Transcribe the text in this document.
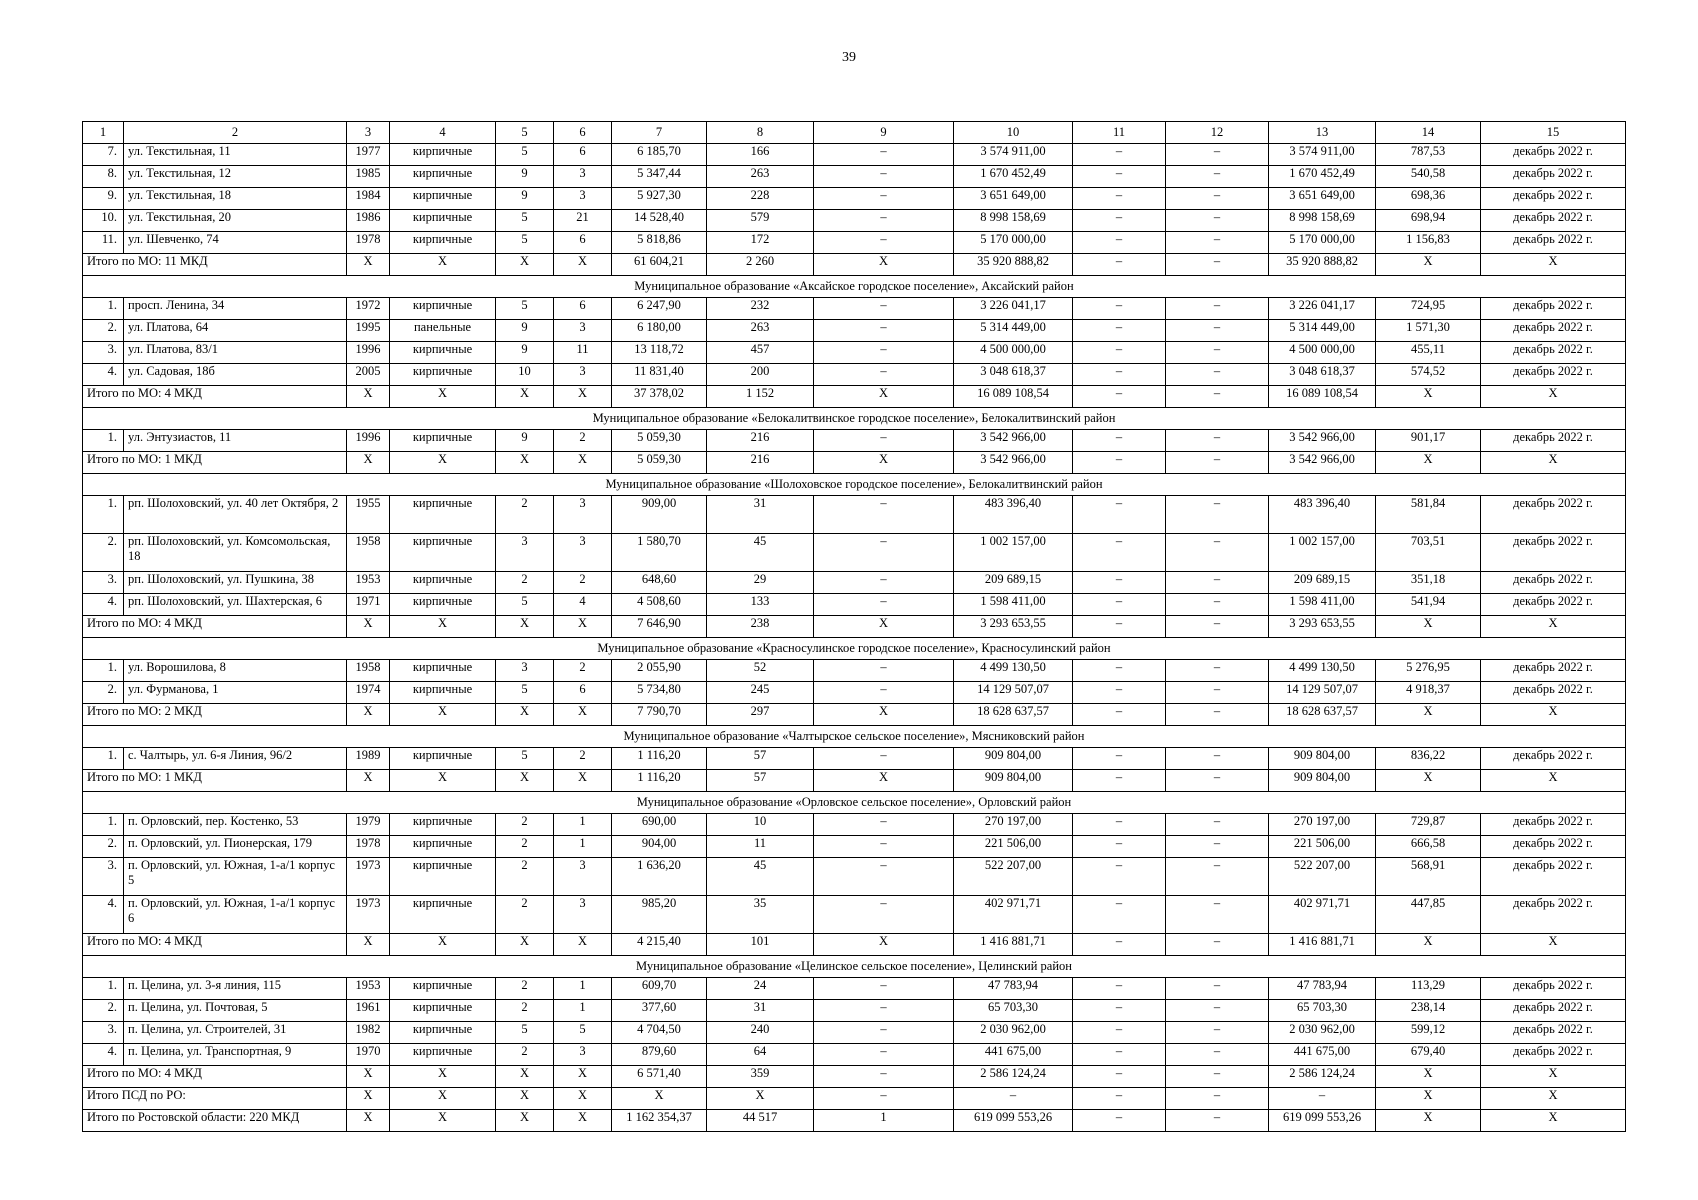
39
1	2	3	4	5	6	7	8	9	10	11	12	13	14	15
7.	ул. Текстильная, 11	1977	кирпичные	5	6	6 185,70	166	–	3 574 911,00	–	–	3 574 911,00	787,53	декабрь 2022 г.
8.	ул. Текстильная, 12	1985	кирпичные	9	3	5 347,44	263	–	1 670 452,49	–	–	1 670 452,49	540,58	декабрь 2022 г.
9.	ул. Текстильная, 18	1984	кирпичные	9	3	5 927,30	228	–	3 651 649,00	–	–	3 651 649,00	698,36	декабрь 2022 г.
10.	ул. Текстильная, 20	1986	кирпичные	5	21	14 528,40	579	–	8 998 158,69	–	–	8 998 158,69	698,94	декабрь 2022 г.
11.	ул. Шевченко, 74	1978	кирпичные	5	6	5 818,86	172	–	5 170 000,00	–	–	5 170 000,00	1 156,83	декабрь 2022 г.
Итого по МО: 11 МКД		X	X	X	X	61 604,21	2 260	X	35 920 888,82	–	–	35 920 888,82	X	X
Муниципальное образование «Аксайское городское поселение», Аксайский район														
1.	просп. Ленина, 34	1972	кирпичные	5	6	6 247,90	232	–	3 226 041,17	–	–	3 226 041,17	724,95	декабрь 2022 г.
2.	ул. Платова, 64	1995	панельные	9	3	6 180,00	263	–	5 314 449,00	–	–	5 314 449,00	1 571,30	декабрь 2022 г.
3.	ул. Платова, 83/1	1996	кирпичные	9	11	13 118,72	457	–	4 500 000,00	–	–	4 500 000,00	455,11	декабрь 2022 г.
4.	ул. Садовая, 18б	2005	кирпичные	10	3	11 831,40	200	–	3 048 618,37	–	–	3 048 618,37	574,52	декабрь 2022 г.
Итого по МО: 4 МКД		X	X	X	X	37 378,02	1 152	X	16 089 108,54	–	–	16 089 108,54	X	X
Муниципальное образование «Белокалитвинское городское поселение», Белокалитвинский район														
1.	ул. Энтузиастов, 11	1996	кирпичные	9	2	5 059,30	216	–	3 542 966,00	–	–	3 542 966,00	901,17	декабрь 2022 г.
Итого по МО: 1 МКД		X	X	X	X	5 059,30	216	X	3 542 966,00	–	–	3 542 966,00	X	X
Муниципальное образование «Шолоховское городское поселение», Белокалитвинский район														
1.	рп. Шолоховский, ул. 40 лет Октября, 2	1955	кирпичные	2	3	909,00	31	–	483 396,40	–	–	483 396,40	581,84	декабрь 2022 г.
2.	рп. Шолоховский, ул. Комсомольская, 18	1958	кирпичные	3	3	1 580,70	45	–	1 002 157,00	–	–	1 002 157,00	703,51	декабрь 2022 г.
3.	рп. Шолоховский, ул. Пушкина, 38	1953	кирпичные	2	2	648,60	29	–	209 689,15	–	–	209 689,15	351,18	декабрь 2022 г.
4.	рп. Шолоховский, ул. Шахтерская, 6	1971	кирпичные	5	4	4 508,60	133	–	1 598 411,00	–	–	1 598 411,00	541,94	декабрь 2022 г.
Итого по МО: 4 МКД		X	X	X	X	7 646,90	238	X	3 293 653,55	–	–	3 293 653,55	X	X
Муниципальное образование «Красносулинское городское поселение», Красносулинский район														
1.	ул. Ворошилова, 8	1958	кирпичные	3	2	2 055,90	52	–	4 499 130,50	–	–	4 499 130,50	5 276,95	декабрь 2022 г.
2.	ул. Фурманова, 1	1974	кирпичные	5	6	5 734,80	245	–	14 129 507,07	–	–	14 129 507,07	4 918,37	декабрь 2022 г.
Итого по МО: 2 МКД		X	X	X	X	7 790,70	297	X	18 628 637,57	–	–	18 628 637,57	X	X
Муниципальное образование «Чалтырское сельское поселение», Мясниковский район														
1.	с. Чалтырь, ул. 6-я Линия, 96/2	1989	кирпичные	5	2	1 116,20	57	–	909 804,00	–	–	909 804,00	836,22	декабрь 2022 г.
Итого по МО: 1 МКД		X	X	X	X	1 116,20	57	X	909 804,00	–	–	909 804,00	X	X
Муниципальное образование «Орловское сельское поселение», Орловский район														
1.	п. Орловский, пер. Костенко, 53	1979	кирпичные	2	1	690,00	10	–	270 197,00	–	–	270 197,00	729,87	декабрь 2022 г.
2.	п. Орловский, ул. Пионерская, 179	1978	кирпичные	2	1	904,00	11	–	221 506,00	–	–	221 506,00	666,58	декабрь 2022 г.
3.	п. Орловский, ул. Южная, 1-а/1 корпус 5	1973	кирпичные	2	3	1 636,20	45	–	522 207,00	–	–	522 207,00	568,91	декабрь 2022 г.
4.	п. Орловский, ул. Южная, 1-а/1 корпус 6	1973	кирпичные	2	3	985,20	35	–	402 971,71	–	–	402 971,71	447,85	декабрь 2022 г.
Итого по МО: 4 МКД		X	X	X	X	4 215,40	101	X	1 416 881,71	–	–	1 416 881,71	X	X
Муниципальное образование «Целинское сельское поселение», Целинский район														
1.	п. Целина, ул. 3-я линия, 115	1953	кирпичные	2	1	609,70	24	–	47 783,94	–	–	47 783,94	113,29	декабрь 2022 г.
2.	п. Целина, ул. Почтовая, 5	1961	кирпичные	2	1	377,60	31	–	65 703,30	–	–	65 703,30	238,14	декабрь 2022 г.
3.	п. Целина, ул. Строителей, 31	1982	кирпичные	5	5	4 704,50	240	–	2 030 962,00	–	–	2 030 962,00	599,12	декабрь 2022 г.
4.	п. Целина, ул. Транспортная, 9	1970	кирпичные	2	3	879,60	64	–	441 675,00	–	–	441 675,00	679,40	декабрь 2022 г.
Итого по МО: 4 МКД		X	X	X	X	6 571,40	359	–	2 586 124,24	–	–	2 586 124,24	X	X
Итого ПСД по РО:		X	X	X	X	X	X	–	–	–	–	–	X	X
Итого по Ростовской области: 220 МКД		X	X	X	X	1 162 354,37	44 517	1	619 099 553,26	–	–	619 099 553,26	X	X
